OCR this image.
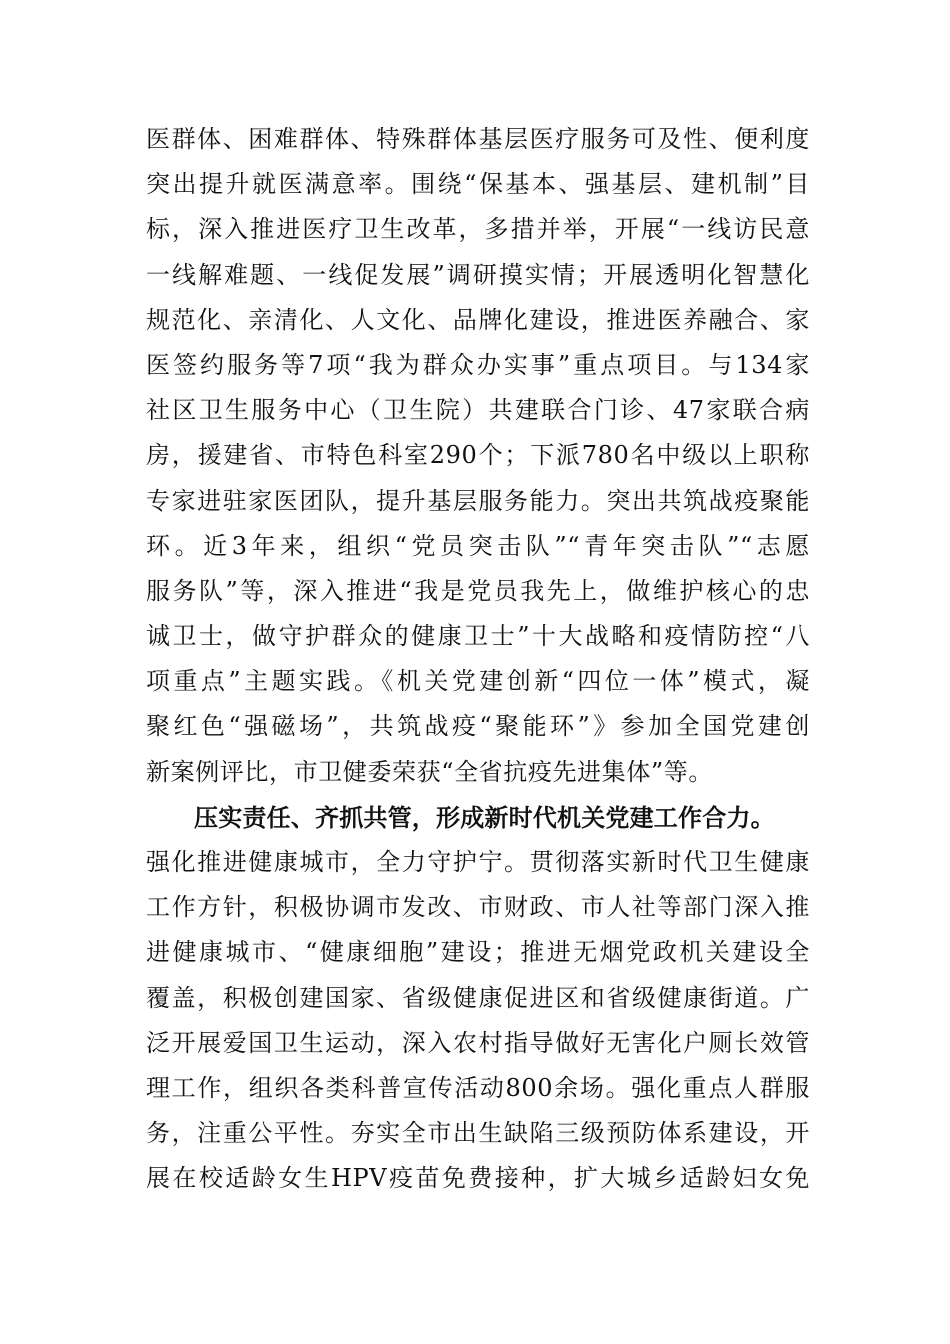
医群体、困难群体、特殊群体基层医疗服务可及性、便利度
突出提升就医满意率。围绕“保基本、强基层、建机制”目
标，深入推进医疗卫生改革，多措并举，开展“一线访民意
一线解难题、一线促发展”调研摸实情；开展透明化智慧化
规范化、亲清化、人文化、品牌化建设，推进医养融合、家
医签约服务等7项“我为群众办实事”重点项目。与134家
社区卫生服务中心（卫生院）共建联合门诊、47家联合病
房，援建省、市特色科室290个；下派780名中级以上职称
专家进驻家医团队，提升基层服务能力。突出共筑战疫聚能
环。近3年来，组织“党员突击队”“青年突击队”“志愿
服务队”等，深入推进“我是党员我先上，做维护核心的忠
诚卫士，做守护群众的健康卫士”十大战略和疫情防控“八
项重点”主题实践。《机关党建创新“四位一体”模式，凝
聚红色“强磁场”，共筑战疫“聚能环”》参加全国党建创
新案例评比，市卫健委荣获“全省抗疫先进集体”等。
压实责任、齐抓共管，形成新时代机关党建工作合力。
强化推进健康城市，全力守护宁。贯彻落实新时代卫生健康
工作方针，积极协调市发改、市财政、市人社等部门深入推
进健康城市、“健康细胞”建设；推进无烟党政机关建设全
覆盖，积极创建国家、省级健康促进区和省级健康街道。广
泛开展爱国卫生运动，深入农村指导做好无害化户厕长效管
理工作，组织各类科普宣传活动800余场。强化重点人群服
务，注重公平性。夯实全市出生缺陷三级预防体系建设，开
展在校适龄女生HPV疫苗免费接种，扩大城乡适龄妇女免
